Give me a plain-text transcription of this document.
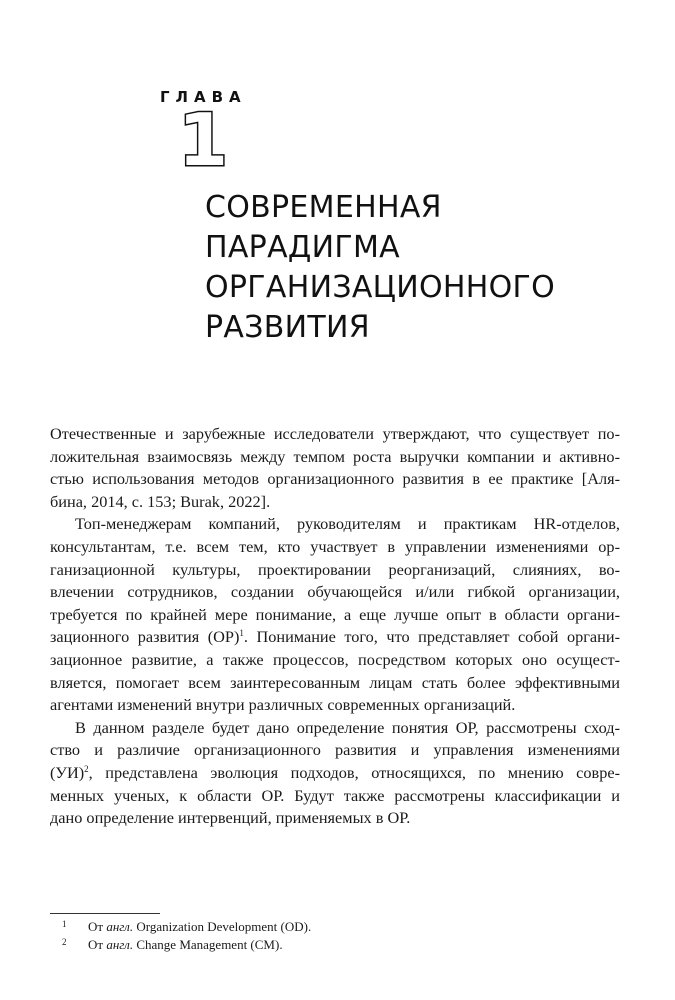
ГЛАВА
1
СОВРЕМЕННАЯ
ПАРАДИГМА
ОРГАНИЗАЦИОННОГО
РАЗВИТИЯ
Отечественные и зарубежные исследователи утверждают, что существует по-
ложительная взаимосвязь между темпом роста выручки компании и активно-
стью использования методов организационного развития в ее практике [Аля-
бина, 2014, с. 153; Burak, 2022].
Топ-менеджерам компаний, руководителям и практикам HR-отделов,
консультантам, т.е. всем тем, кто участвует в управлении изменениями ор-
ганизационной культуры, проектировании реорганизаций, слияниях, во-
влечении сотрудников, создании обучающейся и/или гибкой организации,
требуется по крайней мере понимание, а еще лучше опыт в области органи-
зационного развития (ОР)$^1$. Понимание того, что представляет собой органи-
зационное развитие, а также процессов, посредством которых оно осущест-
вляется, помогает всем заинтересованным лицам стать более эффективными
агентами изменений внутри различных современных организаций.
В данном разделе будет дано определение понятия ОР, рассмотрены сход-
ство и различие организационного развития и управления изменениями
(УИ)$^2$, представлена эволюция подходов, относящихся, по мнению совре-
менных ученых, к области ОР. Будут также рассмотрены классификации и
дано определение интервенций, применяемых в ОР.
1	От англ. Organization Development (OD).
2	От англ. Change Management (CM).
